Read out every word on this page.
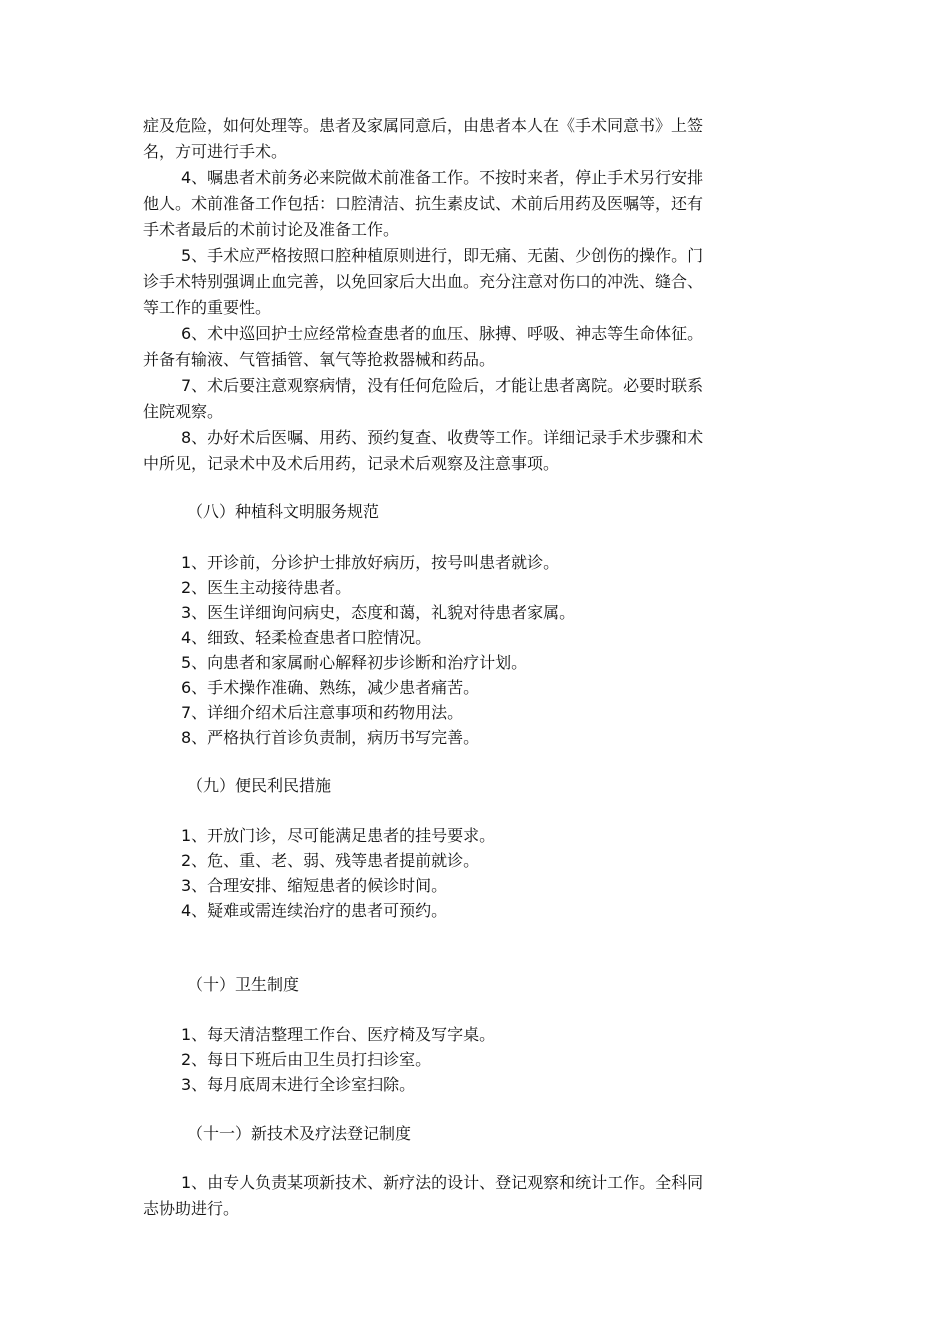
症及危险，如何处理等。患者及家属同意后，由患者本人在《手术同意书》上签
名，方可进行手术。
4、嘱患者术前务必来院做术前准备工作。不按时来者，停止手术另行安排
他人。术前准备工作包括：口腔清洁、抗生素皮试、术前后用药及医嘱等，还有
手术者最后的术前讨论及准备工作。
5、手术应严格按照口腔种植原则进行，即无痛、无菌、少创伤的操作。门
诊手术特别强调止血完善，以免回家后大出血。充分注意对伤口的冲洗、缝合、
等工作的重要性。
6、术中巡回护士应经常检查患者的血压、脉搏、呼吸、神志等生命体征。
并备有输液、气管插管、氧气等抢救器械和药品。
7、术后要注意观察病情，没有任何危险后，才能让患者离院。必要时联系
住院观察。
8、办好术后医嘱、用药、预约复查、收费等工作。详细记录手术步骤和术
中所见，记录术中及术后用药，记录术后观察及注意事项。
（八）种植科文明服务规范
1、开诊前，分诊护士排放好病历，按号叫患者就诊。
2、医生主动接待患者。
3、医生详细询问病史，态度和蔼，礼貌对待患者家属。
4、细致、轻柔检查患者口腔情况。
5、向患者和家属耐心解释初步诊断和治疗计划。
6、手术操作准确、熟练，减少患者痛苦。
7、详细介绍术后注意事项和药物用法。
8、严格执行首诊负责制，病历书写完善。
（九）便民利民措施
1、开放门诊，尽可能满足患者的挂号要求。
2、危、重、老、弱、残等患者提前就诊。
3、合理安排、缩短患者的候诊时间。
4、疑难或需连续治疗的患者可预约。
（十）卫生制度
1、每天清洁整理工作台、医疗椅及写字桌。
2、每日下班后由卫生员打扫诊室。
3、每月底周末进行全诊室扫除。
（十一）新技术及疗法登记制度
1、由专人负责某项新技术、新疗法的设计、登记观察和统计工作。全科同
志协助进行。
